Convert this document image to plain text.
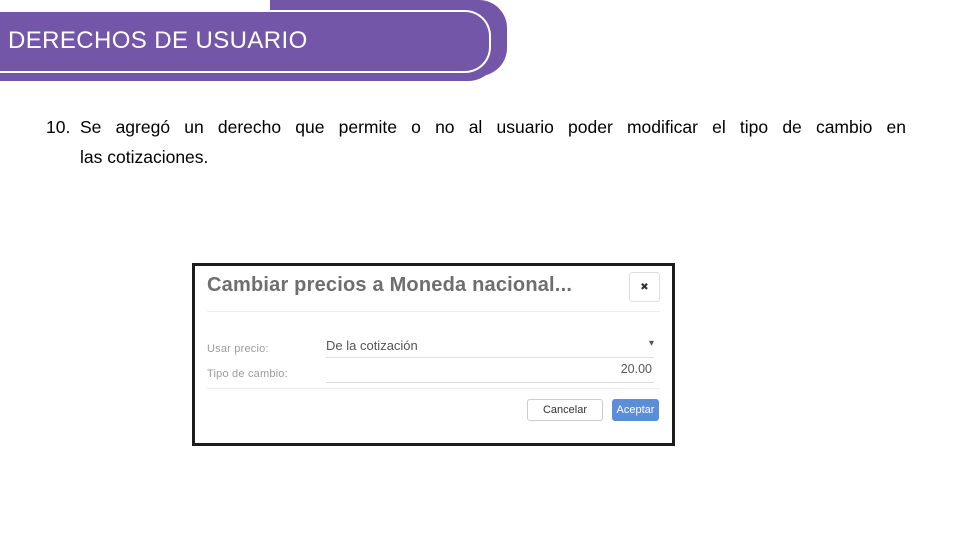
DERECHOS DE USUARIO
10. Se agregó un derecho que permite o no al usuario poder modificar el tipo de cambio en
las cotizaciones.
Cambiar precios a Moneda nacional...	✖
Usar precio:	De la cotización	▾
Tipo de cambio:	20.00
Cancelar	Aceptar
